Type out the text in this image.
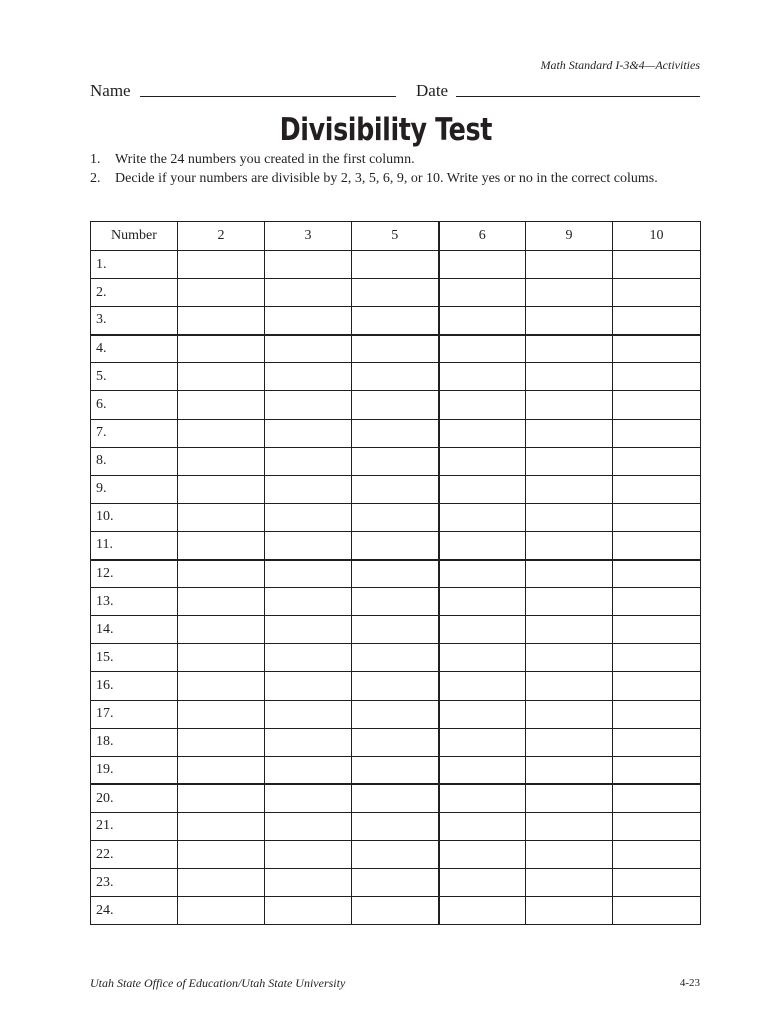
Math Standard I-3&4—Activities
Name	Date
Divisibility Test
1. Write the 24 numbers you created in the first column.
2. Decide if your numbers are divisible by 2, 3, 5, 6, 9, or 10. Write yes or no in the correct colums.
Number	2	3	5	6	9	10
1.						
2.						
3.						
4.						
5.						
6.						
7.						
8.						
9.						
10.						
11.						
12.						
13.						
14.						
15.						
16.						
17.						
18.						
19.						
20.						
21.						
22.						
23.						
24.						
Utah State Office of Education/Utah State University	4-23
